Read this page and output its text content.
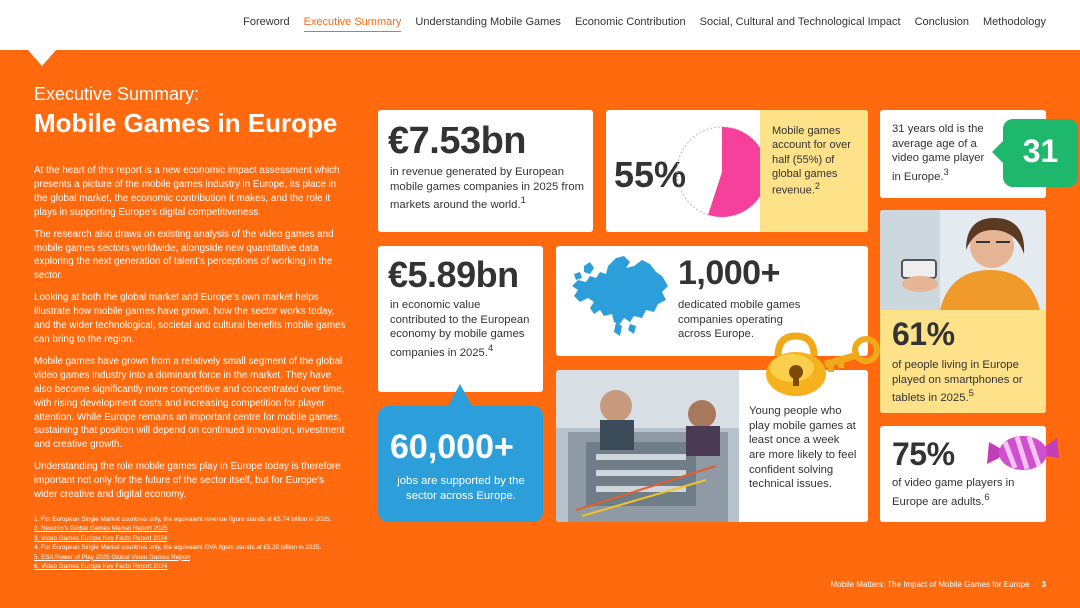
Foreword Executive Summary Understanding Mobile Games Economic Contribution Social, Cultural and Technological Impact Conclusion Methodology
Executive Summary:
Mobile Games in Europe

At the heart of this report is a new economic impact assessment which presents a picture of the mobile games industry in Europe, its place in the global market, the economic contribution it makes, and the role it plays in supporting Europe’s digital competitiveness.

The research also draws on existing analysis of the video games and mobile games sectors worldwide, alongside new quantitative data exploring the next generation of talent’s perceptions of working in the sector.

Looking at both the global market and Europe’s own market helps illustrate how mobile games have grown, how the sector works today, and the wider technological, societal and cultural benefits mobile games can bring to the region.

Mobile games have grown from a relatively small segment of the global video games industry into a dominant force in the market. They have also become significantly more competitive and concentrated over time, with rising development costs and increasing competition for player attention. While Europe remains an important centre for mobile games, sustaining that position will depend on continued innovation, investment and creative growth.

Understanding the role mobile games play in Europe today is therefore important not only for the future of the sector itself, but for Europe’s wider creative and digital economy.

1. For European Single Market countries only, the equivalent revenue figure stands at €5.74 billion in 2025.
2. Newzoo’s Global Games Market Report 2025
3. Video Games Europe Key Facts Report 2024
4. For European Single Market countries only, the equivalent GVA figure stands at €5.20 billion in 2025.
5. ESA Power of Play 2025 Global Video Games Report
6. Video Games Europe Key Facts Report 2024
€7.53bn
in revenue generated by European mobile games companies in 2025 from markets around the world.$^1$
55%
Mobile games account for over half (55%) of global games revenue.$^2$
31 years old is the average age of a video game player in Europe.$^3$
31
€5.89bn
in economic value contributed to the European economy by mobile games companies in 2025.$^4$
60,000+
jobs are supported by the sector across Europe.
1,000+
dedicated mobile games companies operating across Europe.
Young people who play mobile games at least once a week are more likely to feel confident solving technical issues.
61%
of people living in Europe played on smartphones or tablets in 2025.$^5$
75%
of video game players in Europe are adults.$^6$
Mobile Matters: The Impact of Mobile Games for Europe 3
